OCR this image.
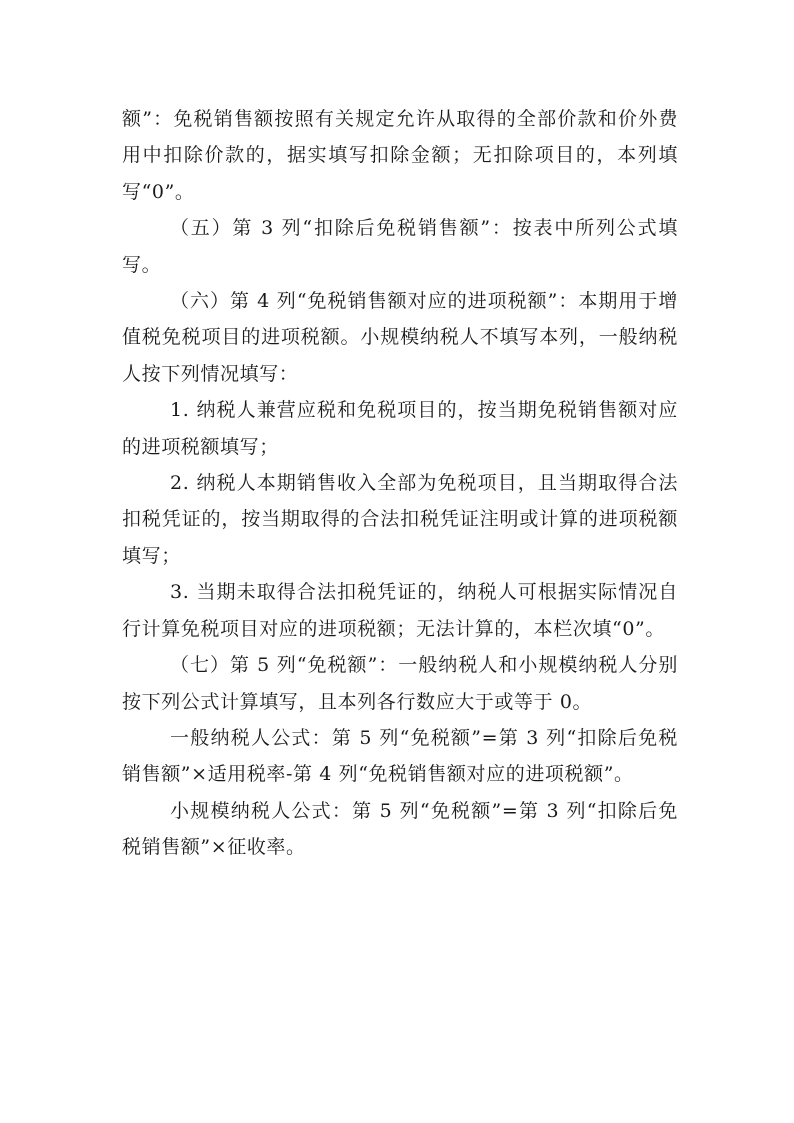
额”：免税销售额按照有关规定允许从取得的全部价款和价外费用中扣除价款的，据实填写扣除金额；无扣除项目的，本列填写“0”。

（五）第 3 列“扣除后免税销售额”：按表中所列公式填写。

（六）第 4 列“免税销售额对应的进项税额”：本期用于增值税免税项目的进项税额。小规模纳税人不填写本列，一般纳税人按下列情况填写：

1. 纳税人兼营应税和免税项目的，按当期免税销售额对应的进项税额填写；

2. 纳税人本期销售收入全部为免税项目，且当期取得合法扣税凭证的，按当期取得的合法扣税凭证注明或计算的进项税额填写；

3. 当期未取得合法扣税凭证的，纳税人可根据实际情况自行计算免税项目对应的进项税额；无法计算的，本栏次填“0”。

（七）第 5 列“免税额”：一般纳税人和小规模纳税人分别按下列公式计算填写，且本列各行数应大于或等于 0。

一般纳税人公式：第 5 列“免税额”=第 3 列“扣除后免税销售额”×适用税率-第 4 列“免税销售额对应的进项税额”。

小规模纳税人公式：第 5 列“免税额”=第 3 列“扣除后免税销售额”×征收率。
